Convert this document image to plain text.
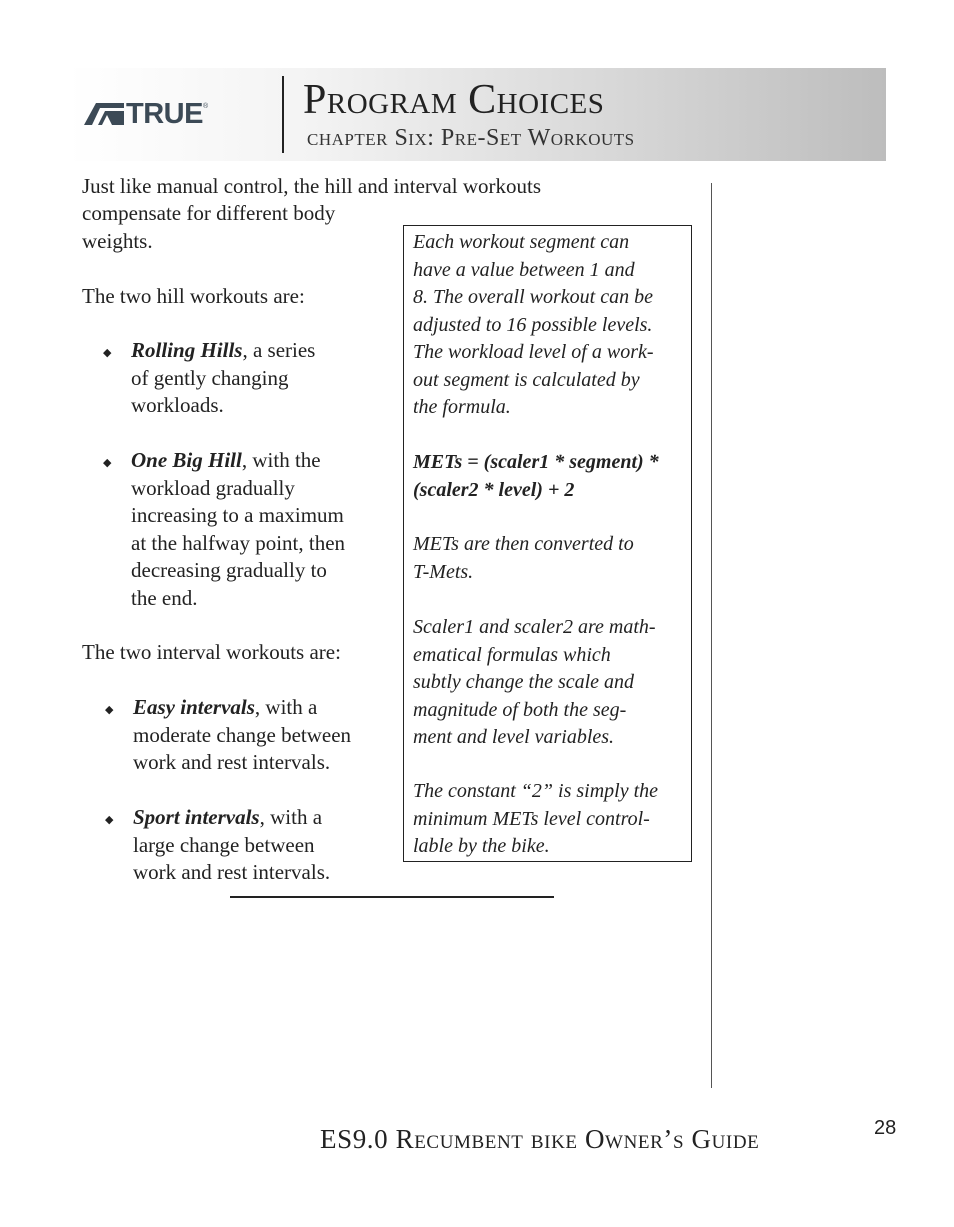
TRUE ® Program Choices
chapter Six: Pre-Set Workouts
Just like manual control, the hill and interval workouts
compensate for different body
weights.
The two hill workouts are:
◆ Rolling Hills, a series
of gently changing
workloads.
◆ One Big Hill, with the
workload gradually
increasing to a maximum
at the halfway point, then
decreasing gradually to
the end.
The two interval workouts are:
◆ Easy intervals, with a
moderate change between
work and rest intervals.
◆ Sport intervals, with a
large change between
work and rest intervals.
Each workout segment can
have a value between 1 and
8. The overall workout can be
adjusted to 16 possible levels.
The workload level of a work-
out segment is calculated by
the formula.
METs = (scaler1 * segment) *
(scaler2 * level) + 2
METs are then converted to
T-Mets.
Scaler1 and scaler2 are math-
ematical formulas which
subtly change the scale and
magnitude of both the seg-
ment and level variables.
The constant “2” is simply the
minimum METs level control-
lable by the bike.
ES9.0 Recumbent bike Owner’s Guide	28
